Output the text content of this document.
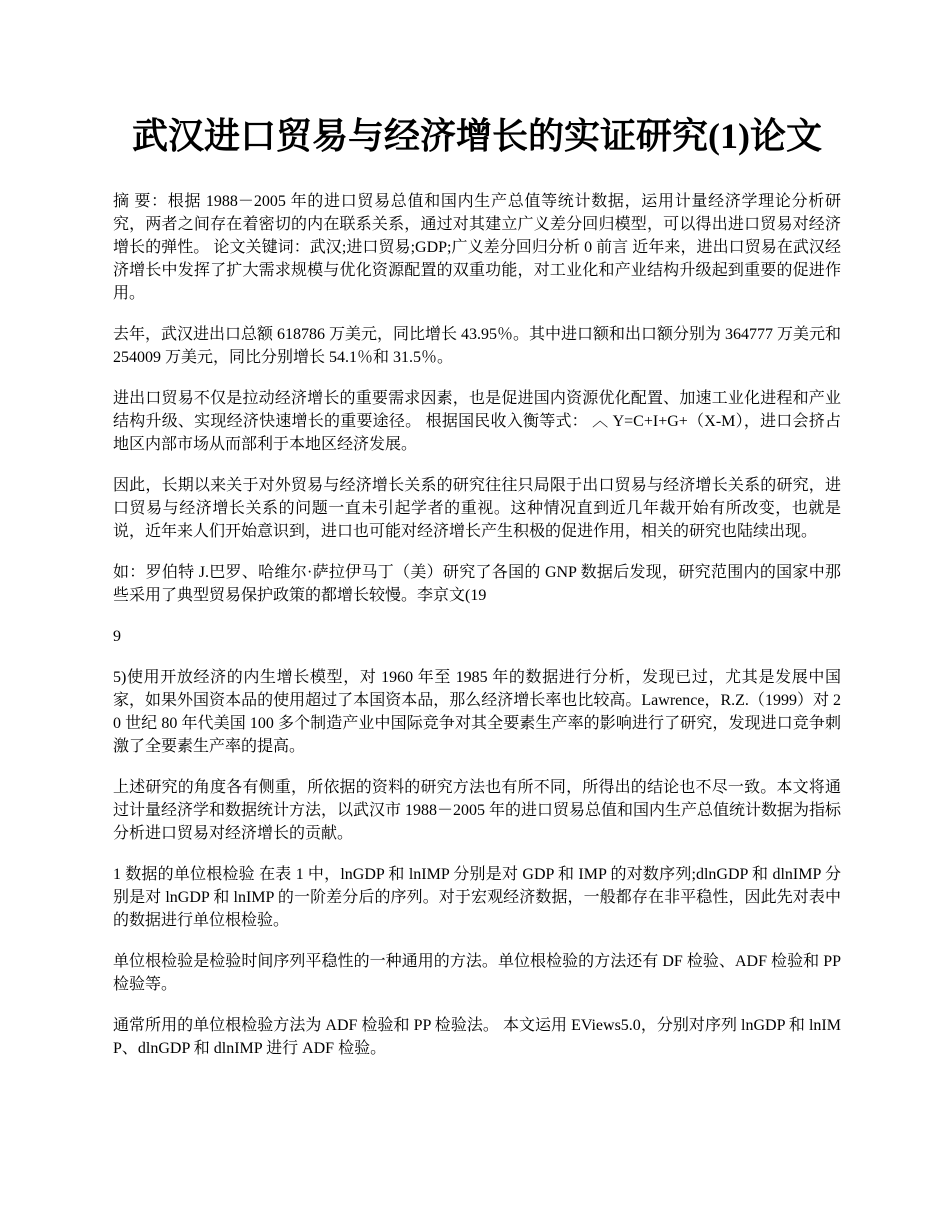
武汉进口贸易与经济增长的实证研究(1)论文

摘 要：根据 1988－2005 年的进口贸易总值和国内生产总值等统计数据，运用计量经济学理论分析研究，两者之间存在着密切的内在联系关系，通过对其建立广义差分回归模型，可以得出进口贸易对经济增长的弹性。 论文关键词：武汉;进口贸易;GDP;广义差分回归分析 0 前言 近年来，进出口贸易在武汉经济增长中发挥了扩大需求规模与优化资源配置的双重功能，对工业化和产业结构升级起到重要的促进作用。

去年，武汉进出口总额 618786 万美元，同比增长 43.95％。其中进口额和出口额分别为 364777 万美元和 254009 万美元，同比分别增长 54.1％和 31.5％。

进出口贸易不仅是拉动经济增长的重要需求因素，也是促进国内资源优化配置、加速工业化进程和产业结构升级、实现经济快速增长的重要途径。 根据国民收入衡等式： ︿ Y=C+I+G+（X-M），进口会挤占地区内部市场从而部利于本地区经济发展。

因此，长期以来关于对外贸易与经济增长关系的研究往往只局限于出口贸易与经济增长关系的研究，进口贸易与经济增长关系的问题一直未引起学者的重视。这种情况直到近几年裁开始有所改变，也就是说，近年来人们开始意识到，进口也可能对经济增长产生积极的促进作用，相关的研究也陆续出现。

如：罗伯特 J.巴罗、哈维尔·萨拉伊马丁（美）研究了各国的 GNP 数据后发现，研究范围内的国家中那些采用了典型贸易保护政策的都增长较慢。李京文(19

9

5)使用开放经济的内生增长模型，对 1960 年至 1985 年的数据进行分析，发现已过，尤其是发展中国家，如果外国资本品的使用超过了本国资本品，那么经济增长率也比较高。Lawrence，R.Z.（1999）对 20 世纪 80 年代美国 100 多个制造产业中国际竞争对其全要素生产率的影响进行了研究，发现进口竞争刺激了全要素生产率的提高。

上述研究的角度各有侧重，所依据的资料的研究方法也有所不同，所得出的结论也不尽一致。本文将通过计量经济学和数据统计方法，以武汉市 1988－2005 年的进口贸易总值和国内生产总值统计数据为指标分析进口贸易对经济增长的贡献。

1 数据的单位根检验 在表 1 中，lnGDP 和 lnIMP 分别是对 GDP 和 IMP 的对数序列;dlnGDP 和 dlnIMP 分别是对 lnGDP 和 lnIMP 的一阶差分后的序列。对于宏观经济数据，一般都存在非平稳性，因此先对表中的数据进行单位根检验。

单位根检验是检验时间序列平稳性的一种通用的方法。单位根检验的方法还有 DF 检验、ADF 检验和 PP 检验等。

通常所用的单位根检验方法为 ADF 检验和 PP 检验法。 本文运用 EViews5.0，分别对序列 lnGDP 和 lnIMP、dlnGDP 和 dlnIMP 进行 ADF 检验。
